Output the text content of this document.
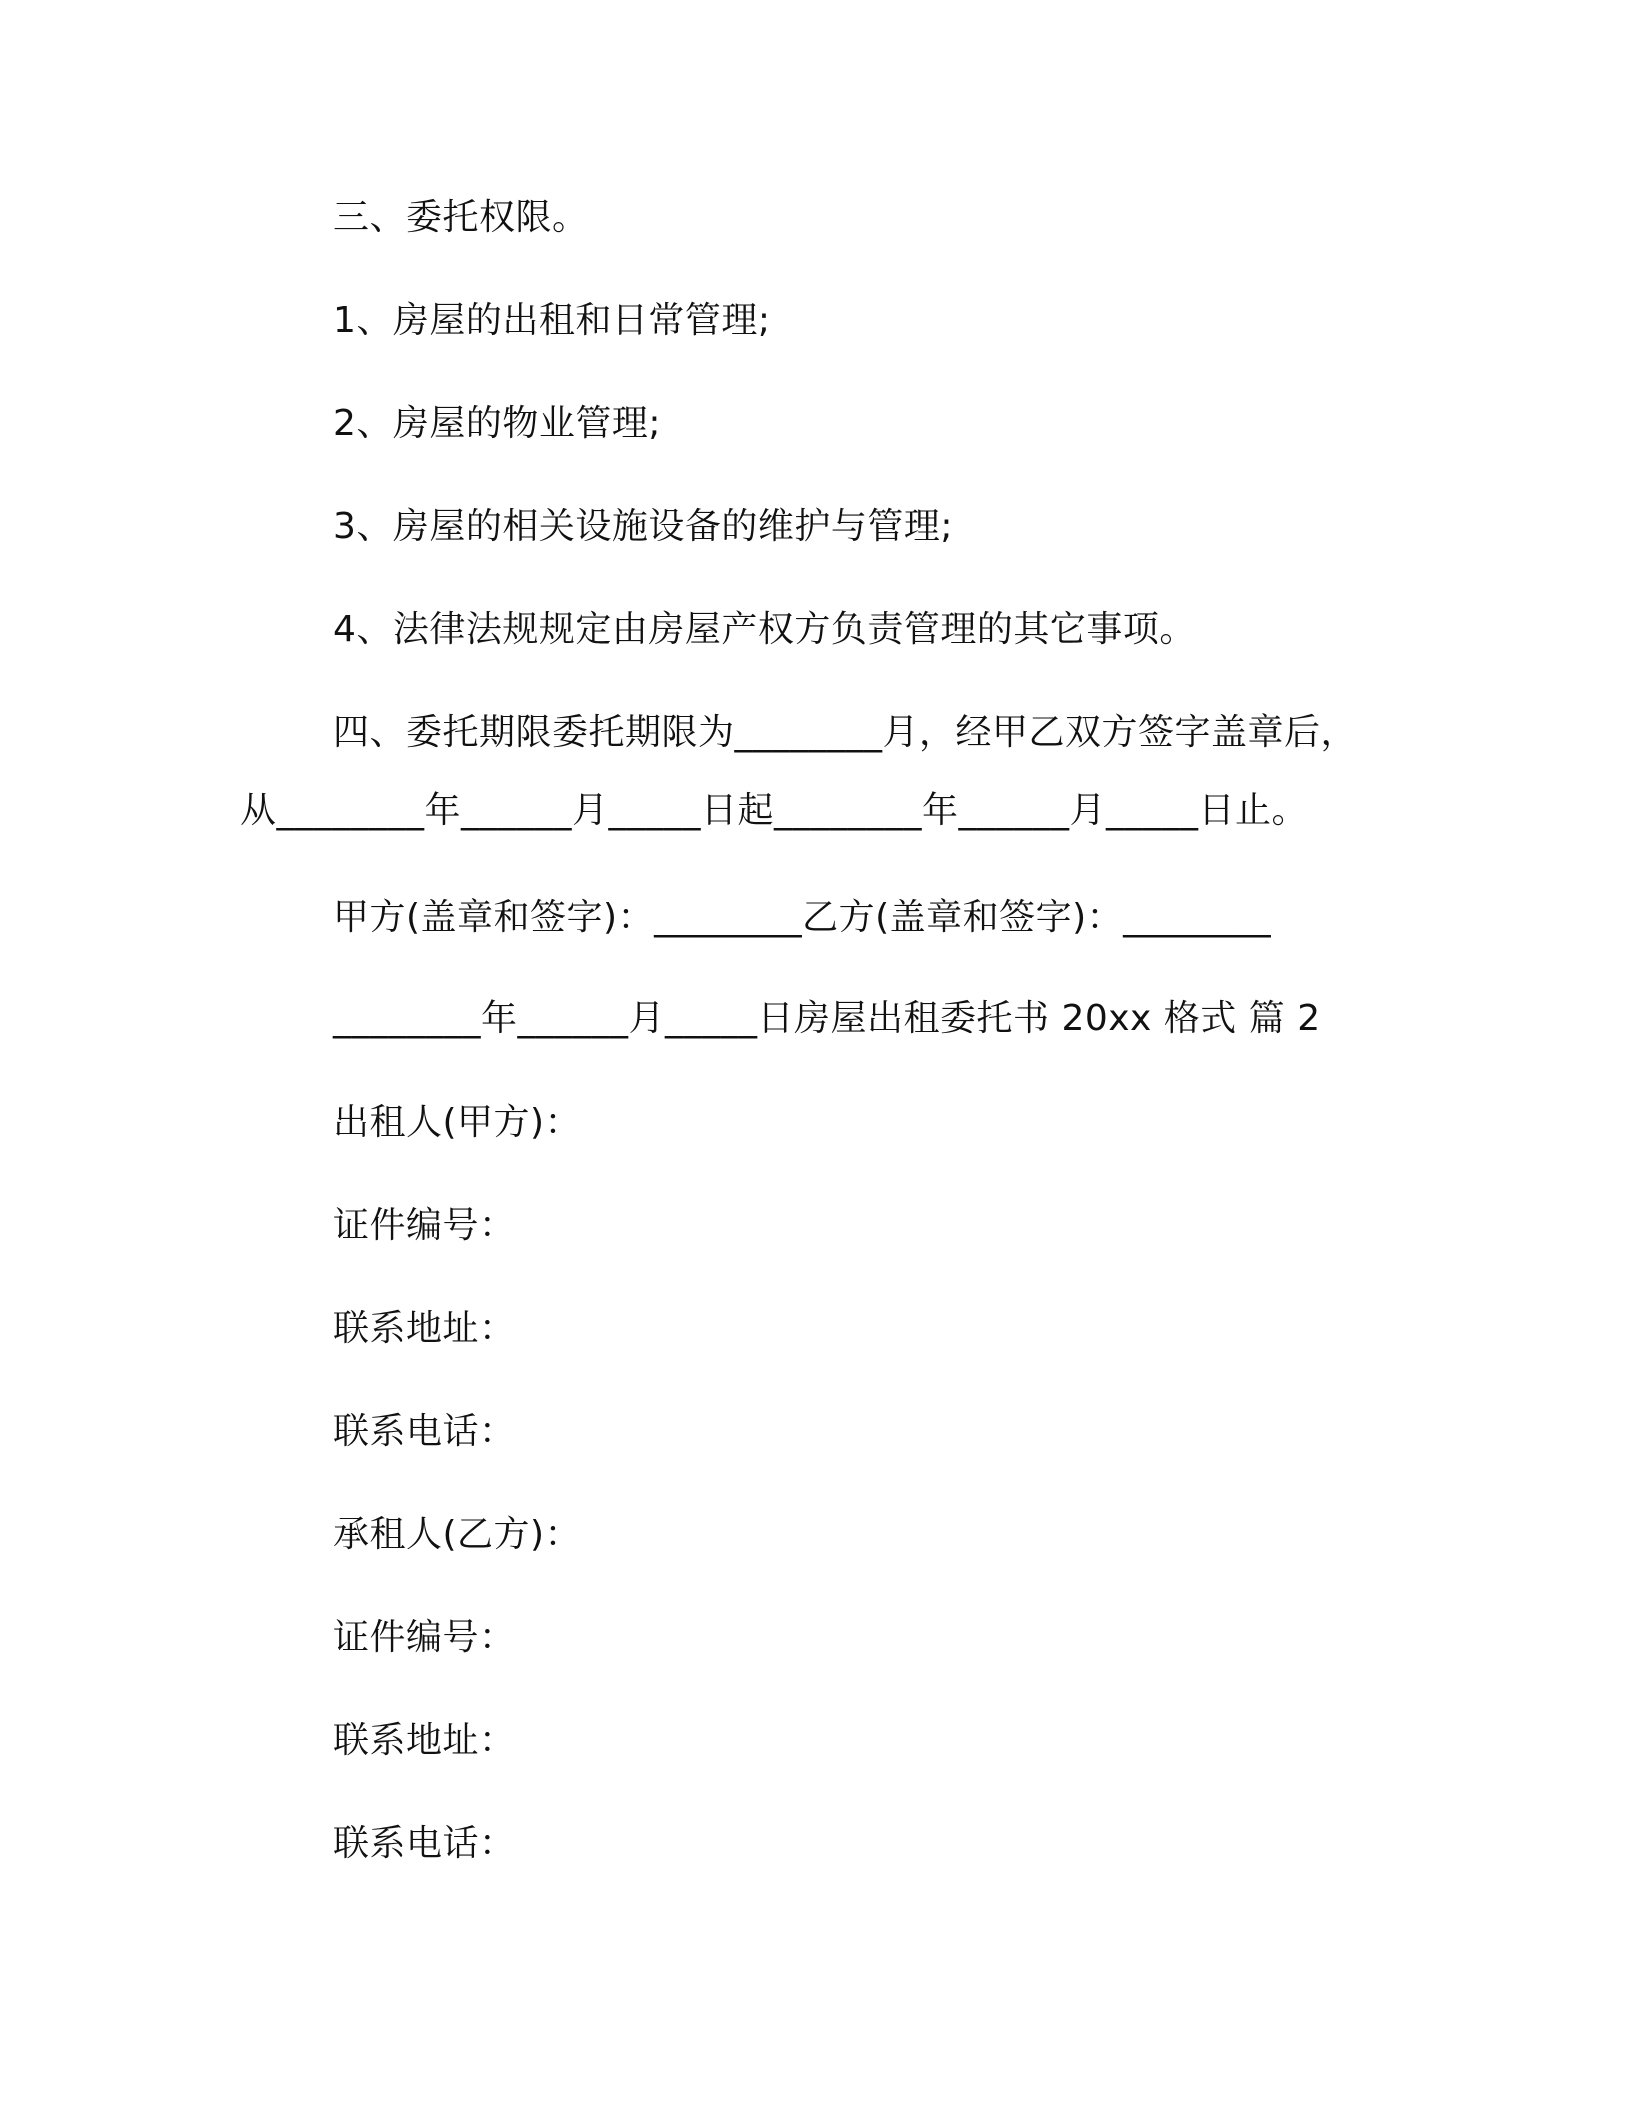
三、委托权限。
1、房屋的出租和日常管理;
2、房屋的物业管理;
3、房屋的相关设施设备的维护与管理;
4、法律法规规定由房屋产权方负责管理的其它事项。
四、委托期限委托期限为________月，经甲乙双方签字盖章后，
从________年______月_____日起________年______月_____日止。
甲方(盖章和签字)：________乙方(盖章和签字)：________
________年______月_____日房屋出租委托书 20xx 格式 篇 2
出租人(甲方)：
证件编号：
联系地址：
联系电话：
承租人(乙方)：
证件编号：
联系地址：
联系电话：
